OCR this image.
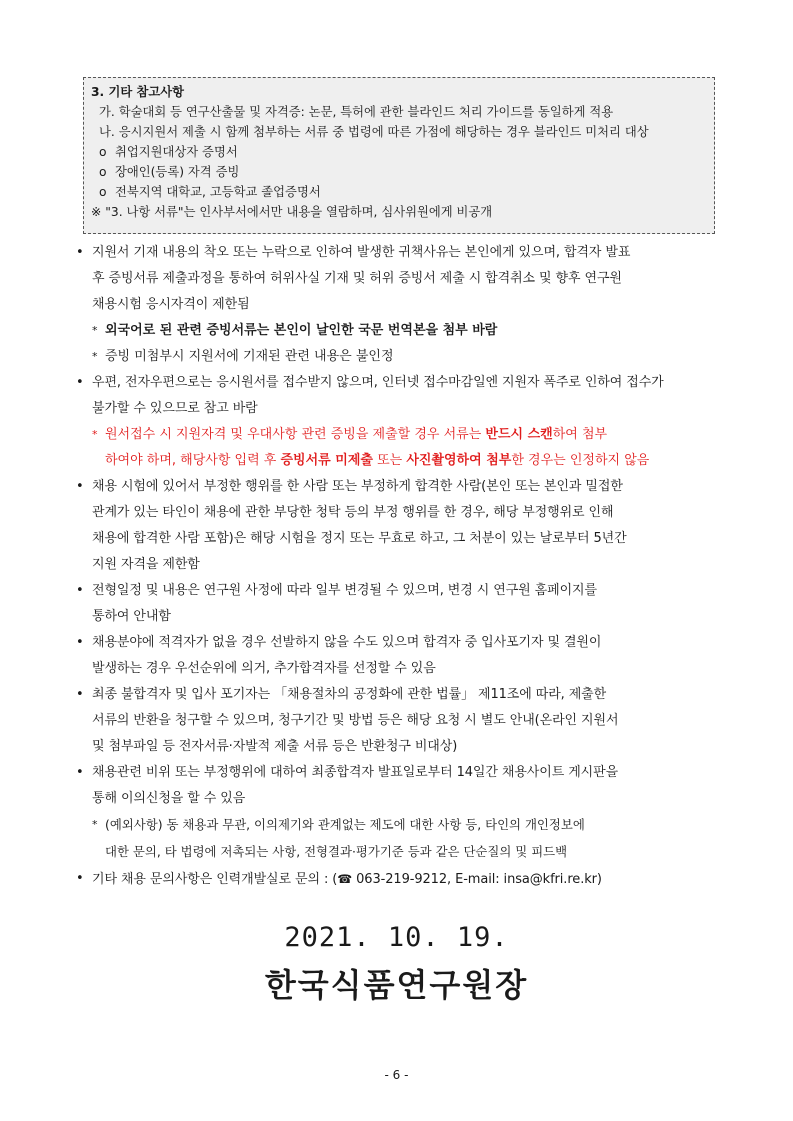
3. 기타 참고사항
가. 학술대회 등 연구산출물 및 자격증: 논문, 특허에 관한 블라인드 처리 가이드를 동일하게 적용
나. 응시지원서 제출 시 함께 첨부하는 서류 중 법령에 따른 가점에 해당하는 경우 블라인드 미처리 대상
o 취업지원대상자 증명서
o 장애인(등록) 자격 증빙
o 전북지역 대학교, 고등학교 졸업증명서
※ "3. 나항 서류"는 인사부서에서만 내용을 열람하며, 심사위원에게 비공개
• 지원서 기재 내용의 착오 또는 누락으로 인하여 발생한 귀책사유는 본인에게 있으며, 합격자 발표
후 증빙서류 제출과정을 통하여 허위사실 기재 및 허위 증빙서 제출 시 합격취소 및 향후 연구원
채용시험 응시자격이 제한됨
* 외국어로 된 관련 증빙서류는 본인이 날인한 국문 번역본을 첨부 바람
* 증빙 미첨부시 지원서에 기재된 관련 내용은 불인정
• 우편, 전자우편으로는 응시원서를 접수받지 않으며, 인터넷 접수마감일엔 지원자 폭주로 인하여 접수가
불가할 수 있으므로 참고 바람
* 원서접수 시 지원자격 및 우대사항 관련 증빙을 제출할 경우 서류는 반드시 스캔하여 첨부
하여야 하며, 해당사항 입력 후 증빙서류 미제출 또는 사진촬영하여 첨부한 경우는 인정하지 않음
• 채용 시험에 있어서 부정한 행위를 한 사람 또는 부정하게 합격한 사람(본인 또는 본인과 밀접한
관계가 있는 타인이 채용에 관한 부당한 청탁 등의 부정 행위를 한 경우, 해당 부정행위로 인해
채용에 합격한 사람 포함)은 해당 시험을 정지 또는 무효로 하고, 그 처분이 있는 날로부터 5년간
지원 자격을 제한함
• 전형일정 및 내용은 연구원 사정에 따라 일부 변경될 수 있으며, 변경 시 연구원 홈페이지를
통하여 안내함
• 채용분야에 적격자가 없을 경우 선발하지 않을 수도 있으며 합격자 중 입사포기자 및 결원이
발생하는 경우 우선순위에 의거, 추가합격자를 선정할 수 있음
• 최종 불합격자 및 입사 포기자는 「채용절차의 공정화에 관한 법률」 제11조에 따라, 제출한
서류의 반환을 청구할 수 있으며, 청구기간 및 방법 등은 해당 요청 시 별도 안내(온라인 지원서
및 첨부파일 등 전자서류·자발적 제출 서류 등은 반환청구 비대상)
• 채용관련 비위 또는 부정행위에 대하여 최종합격자 발표일로부터 14일간 채용사이트 게시판을
통해 이의신청을 할 수 있음
* (예외사항) 동 채용과 무관, 이의제기와 관계없는 제도에 대한 사항 등, 타인의 개인정보에
대한 문의, 타 법령에 저촉되는 사항, 전형결과·평가기준 등과 같은 단순질의 및 피드백
• 기타 채용 문의사항은 인력개발실로 문의 : (☎ 063-219-9212, E-mail: insa@kfri.re.kr)
2021. 10. 19.
한국식품연구원장
- 6 -
